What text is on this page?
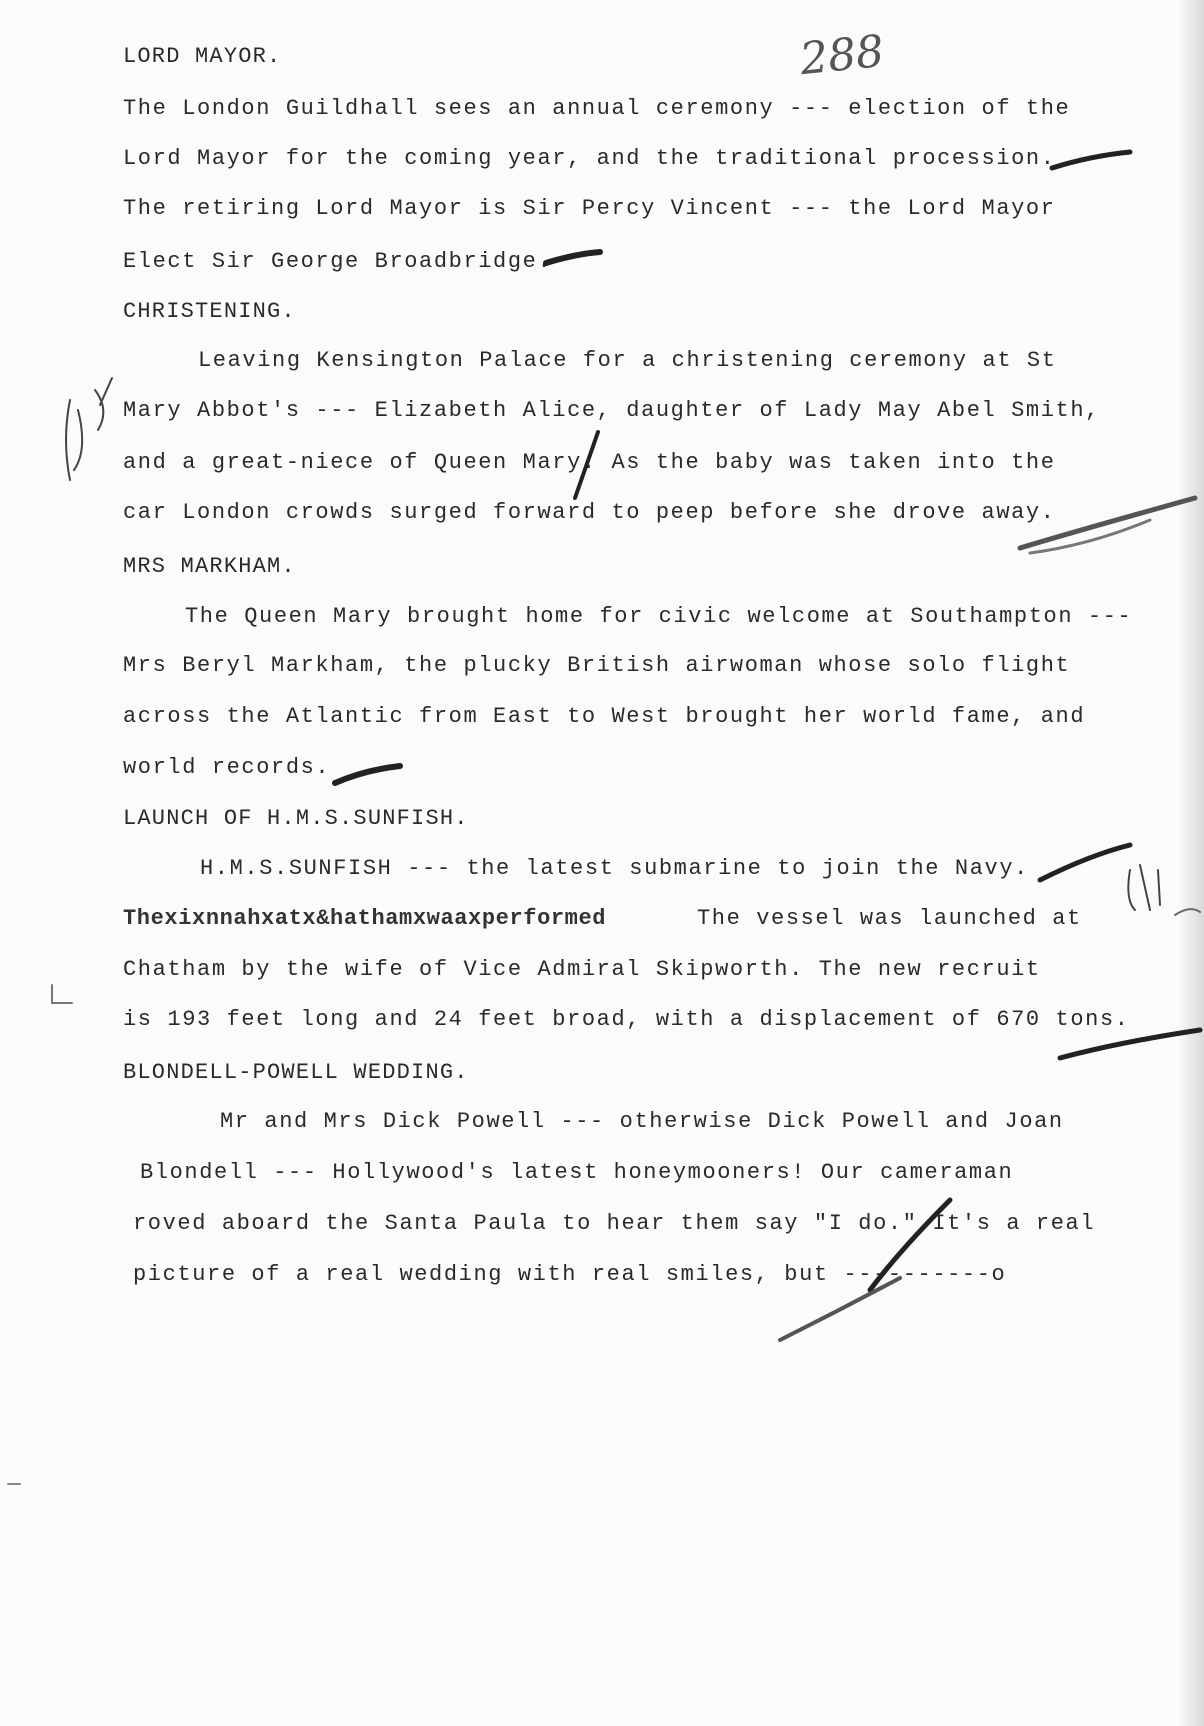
288
LORD MAYOR.
The London Guildhall sees an annual ceremony --- election of the
Lord Mayor for the coming year, and the traditional procession.
The retiring Lord Mayor is Sir Percy Vincent --- the Lord Mayor
Elect Sir George Broadbridge.
CHRISTENING.
Leaving Kensington Palace for a christening ceremony at St
Mary Abbot's --- Elizabeth Alice, daughter of Lady May Abel Smith,
and a great-niece of Queen Mary. As the baby was taken into the
car London crowds surged forward to peep before she drove away.
MRS MARKHAM.
The Queen Mary brought home for civic welcome at Southampton ---
Mrs Beryl Markham, the plucky British airwoman whose solo flight
across the Atlantic from East to West brought her world fame, and
world records.
LAUNCH OF H.M.S.SUNFISH.
H.M.S.SUNFISH --- the latest submarine to join the Navy.
Thexixnnahxatx&hathamxwaaxperformed	The vessel was launched at
Chatham by the wife of Vice Admiral Skipworth. The new recruit
is 193 feet long and 24 feet broad, with a displacement of 670 tons.
BLONDELL-POWELL WEDDING.
Mr and Mrs Dick Powell --- otherwise Dick Powell and Joan
Blondell --- Hollywood's latest honeymooners! Our cameraman
roved aboard the Santa Paula to hear them say "I do." It's a real
picture of a real wedding with real smiles, but ----------o
